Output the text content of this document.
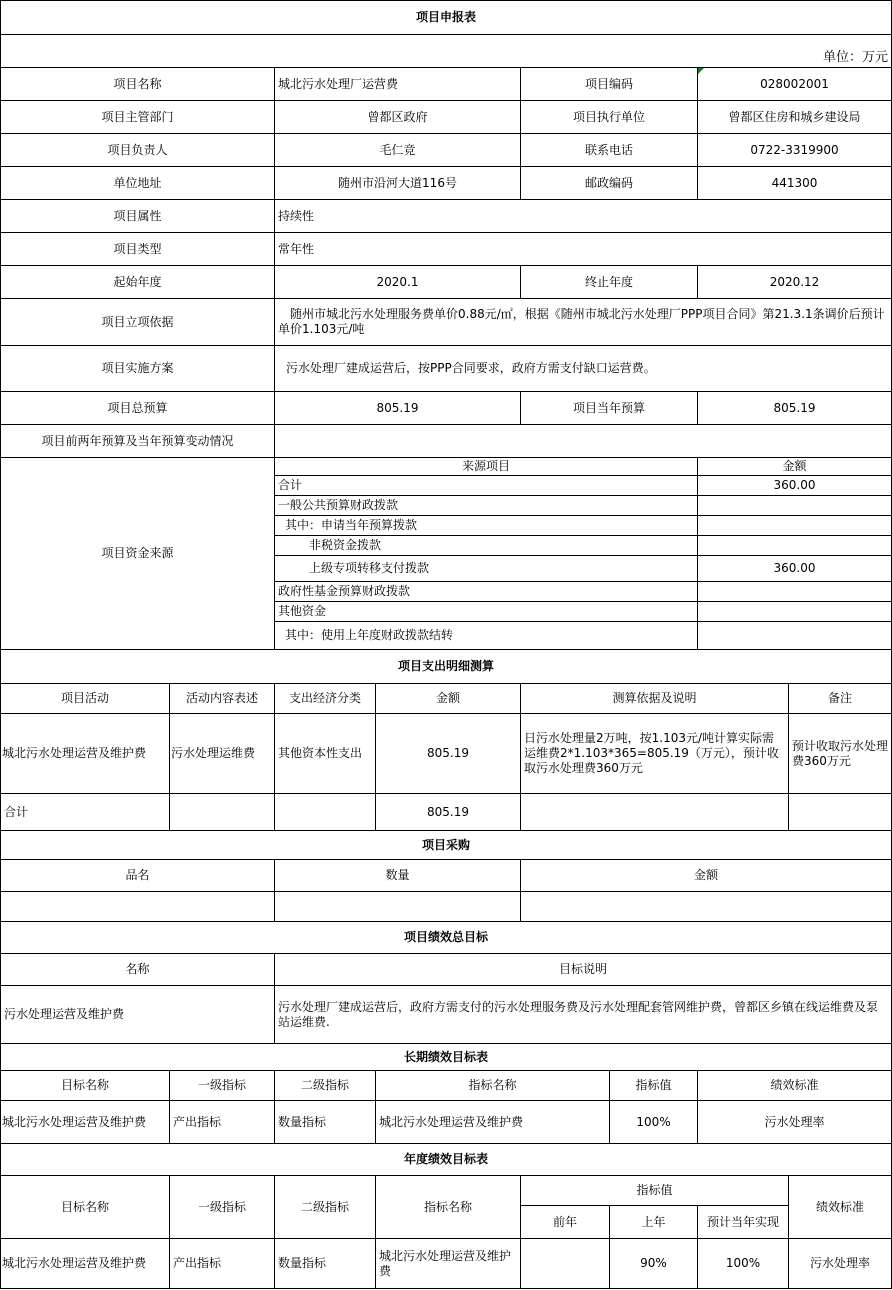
项目申报表							
单位：万元							
项目名称		城北污水处理厂运营费		项目编码		028002001	
项目主管部门		曾都区政府		项目执行单位		曾都区住房和城乡建设局	
项目负责人		毛仁竞		联系电话		0722-3319900	
单位地址		随州市沿河大道116号		邮政编码		441300	
项目属性		持续性					
项目类型		常年性					
起始年度		2020.1		终止年度		2020.12	
项目立项依据		随州市城北污水处理服务费单价0.88元/㎡，根据《随州市城北污水处理厂PPP项目合同》第21.3.1条调价后预计单价1.103元/吨					
项目实施方案		污水处理厂建成运营后，按PPP合同要求，政府方需支付缺口运营费。					
项目总预算		805.19		项目当年预算		805.19	
项目前两年预算及当年预算变动情况							
项目资金来源		来源项目				金额	
		合计				360.00	
		一般公共预算财政拨款					
		其中：申请当年预算拨款					
		非税资金拨款					
		上级专项转移支付拨款				360.00	
		政府性基金预算财政拨款					
		其他资金					
		其中：使用上年度财政拨款结转					
项目支出明细测算							
项目活动	活动内容表述	支出经济分类	金额	测算依据及说明			备注
城北污水处理运营及维护费	污水处理运维费	其他资本性支出	805.19	日污水处理量2万吨，按1.103元/吨计算实际需运维费2*1.103*365=805.19（万元），预计收取污水处理费360万元			预计收取污水处理费360万元
合计			805.19				
项目采购							
品名		数量		金额			

项目绩效总目标							
名称		目标说明					
污水处理运营及维护费		污水处理厂建成运营后，政府方需支付的污水处理服务费及污水处理配套管网维护费，曾都区乡镇在线运维费及泵站运维费.					
长期绩效目标表							
目标名称	一级指标	二级指标	指标名称		指标值	绩效标准	
城北污水处理运营及维护费	产出指标	数量指标	城北污水处理运营及维护费		100%	污水处理率	
年度绩效目标表							
目标名称	一级指标	二级指标	指标名称	指标值			绩效标准
				前年	上年	预计当年实现	
城北污水处理运营及维护费	产出指标	数量指标	城北污水处理运营及维护费		90%	100%	污水处理率
